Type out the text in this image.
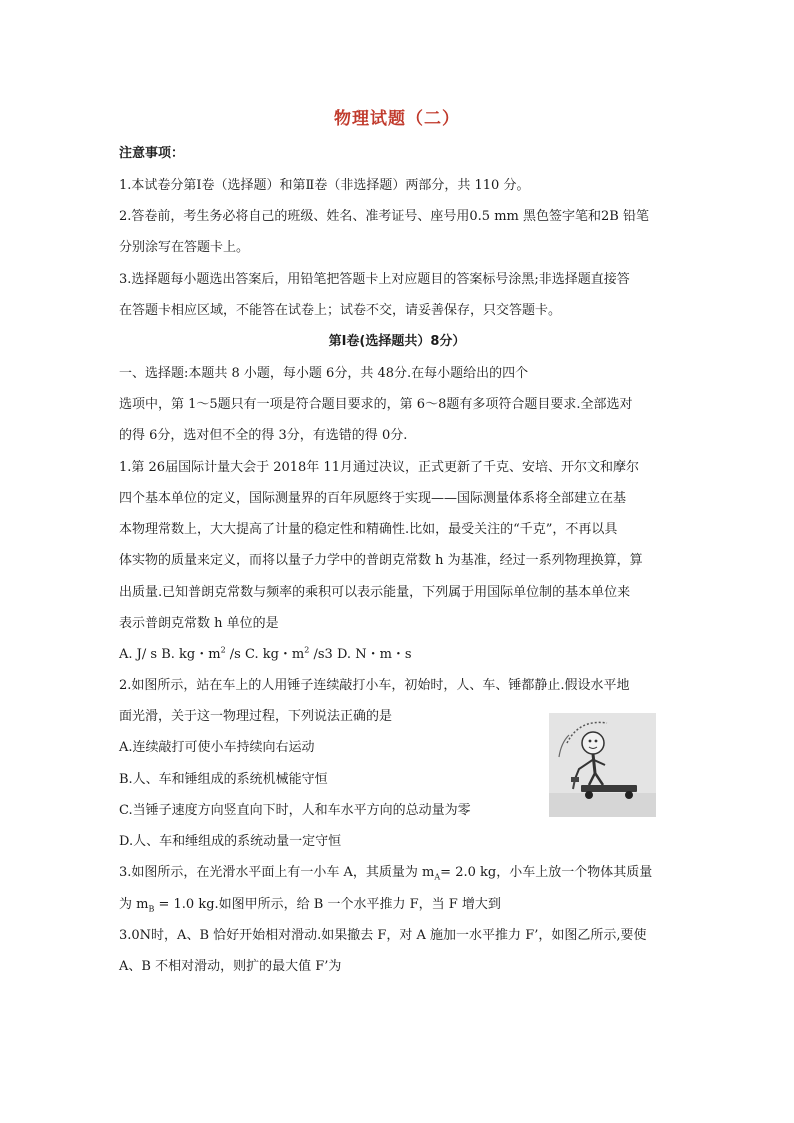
物理试题（二）
注意事项：
1.本试卷分第Ⅰ卷（选择题）和第Ⅱ卷（非选择题）两部分，共 110 分。
2.答卷前，考生务必将自己的班级、姓名、准考证号、座号用0.5 mm 黑色签字笔和2B 铅笔
分别涂写在答题卡上。
3.选择题每小题选出答案后，用铅笔把答题卡上对应题目的答案标号涂黑;非选择题直接答
在答题卡相应区域，不能答在试卷上；试卷不交，请妥善保存，只交答题卡。
第Ⅰ卷(选择题共）8分）
一、选择题:本题共 8 小题，每小题 6分，共 48分.在每小题给出的四个
选项中，第 1～5题只有一项是符合题目要求的，第 6～8题有多项符合题目要求.全部选对
的得 6分，选对但不全的得 3分，有选错的得 0分.
1.第 26届国际计量大会于 2018年 11月通过决议，正式更新了千克、安培、开尔文和摩尔
四个基本单位的定义，国际测量界的百年夙愿终于实现——国际测量体系将全部建立在基
本物理常数上，大大提高了计量的稳定性和精确性.比如，最受关注的“千克”，不再以具
体实物的质量来定义，而将以量子力学中的普朗克常数 h 为基准，经过一系列物理换算，算
出质量.已知普朗克常数与频率的乘积可以表示能量，下列属于用国际单位制的基本单位来
表示普朗克常数 h 单位的是
A. J/ s B. kg・$m^2$ /s C. kg・$m^2$ /s3 D. N・m・s
2.如图所示，站在车上的人用锤子连续敲打小车，初始时，人、车、锤都静止.假设水平地
面光滑，关于这一物理过程，下列说法正确的是
A.连续敲打可使小车持续向右运动
B.人、车和锤组成的系统机械能守恒
C.当锤子速度方向竖直向下时，人和车水平方向的总动量为零
D.人、车和缍组成的系统动量一定守恒
3.如图所示，在光滑水平面上有一小车 A，其质量为 $m_A= 2.0$ kg，小车上放一个物体其质量
为 $m_B = 1.0$ kg.如图甲所示，给 B 一个水平推力 F，当 F 增大到
3.0N时，A、B 恰好开始相对滑动.如果撤去 F，对 A 施加一水平推力 F’，如图乙所示,要使
A、B 不相对滑动，则扩的最大值 F’为
